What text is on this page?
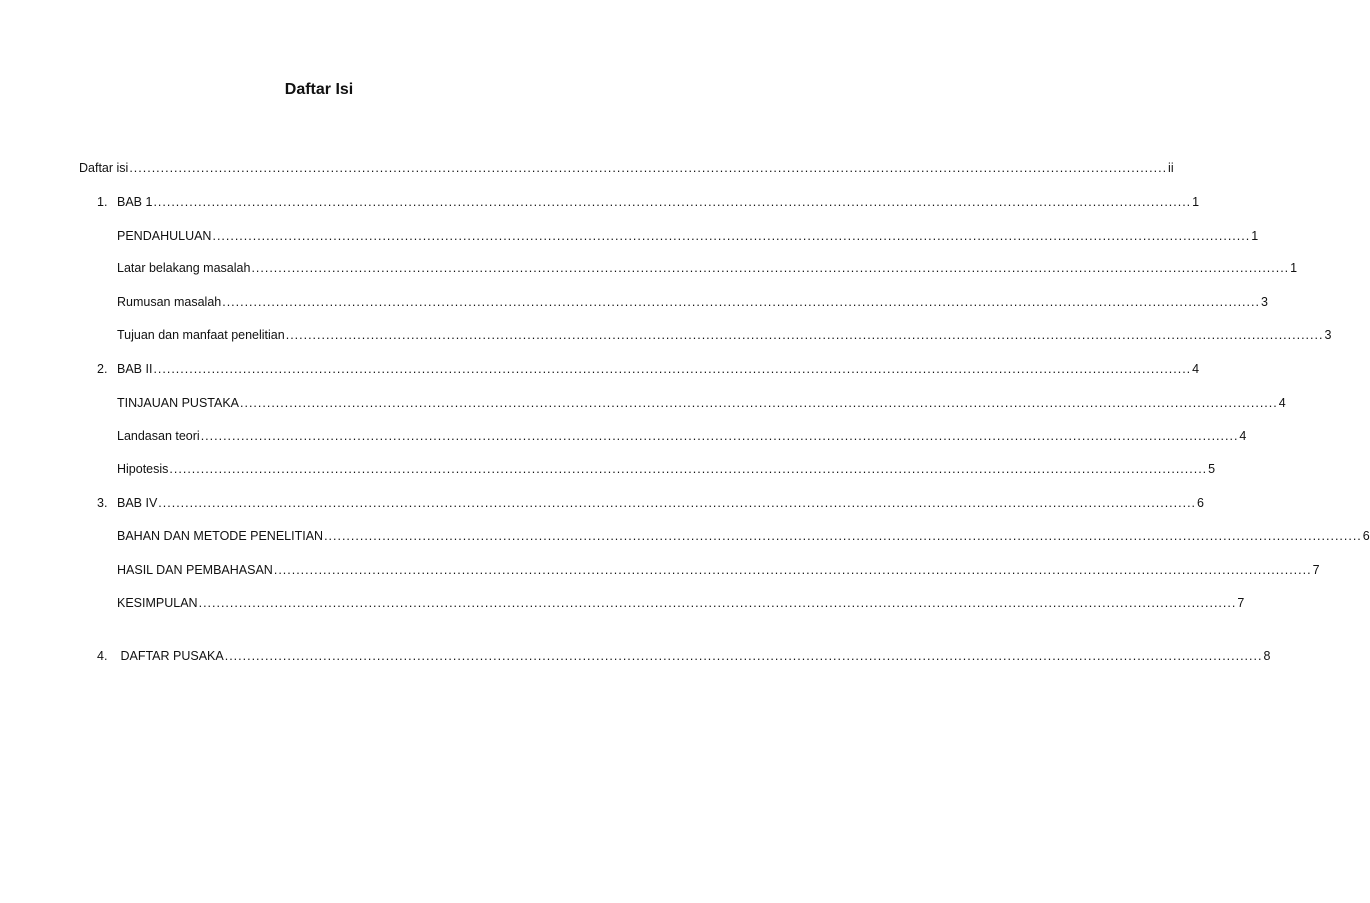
Daftar Isi
Daftar isi ........................................................................................................................................................................................................................................ ii
1. BAB 1 ........................................................................................................................................................................................................................................ 1
PENDAHULUAN ........................................................................................................................................................................................................................................ 1
Latar belakang masalah ........................................................................................................................................................................................................................................ 1
Rumusan masalah ........................................................................................................................................................................................................................................ 3
Tujuan dan manfaat penelitian ........................................................................................................................................................................................................................................ 3
2. BAB II ........................................................................................................................................................................................................................................ 4
TINJAUAN PUSTAKA ........................................................................................................................................................................................................................................ 4
Landasan teori ........................................................................................................................................................................................................................................ 4
Hipotesis ........................................................................................................................................................................................................................................ 5
3. BAB IV ........................................................................................................................................................................................................................................ 6
BAHAN DAN METODE PENELITIAN ........................................................................................................................................................................................................................................ 6
HASIL DAN PEMBAHASAN ........................................................................................................................................................................................................................................ 7
KESIMPULAN ........................................................................................................................................................................................................................................ 7
4. DAFTAR PUSAKA ........................................................................................................................................................................................................................................ 8
